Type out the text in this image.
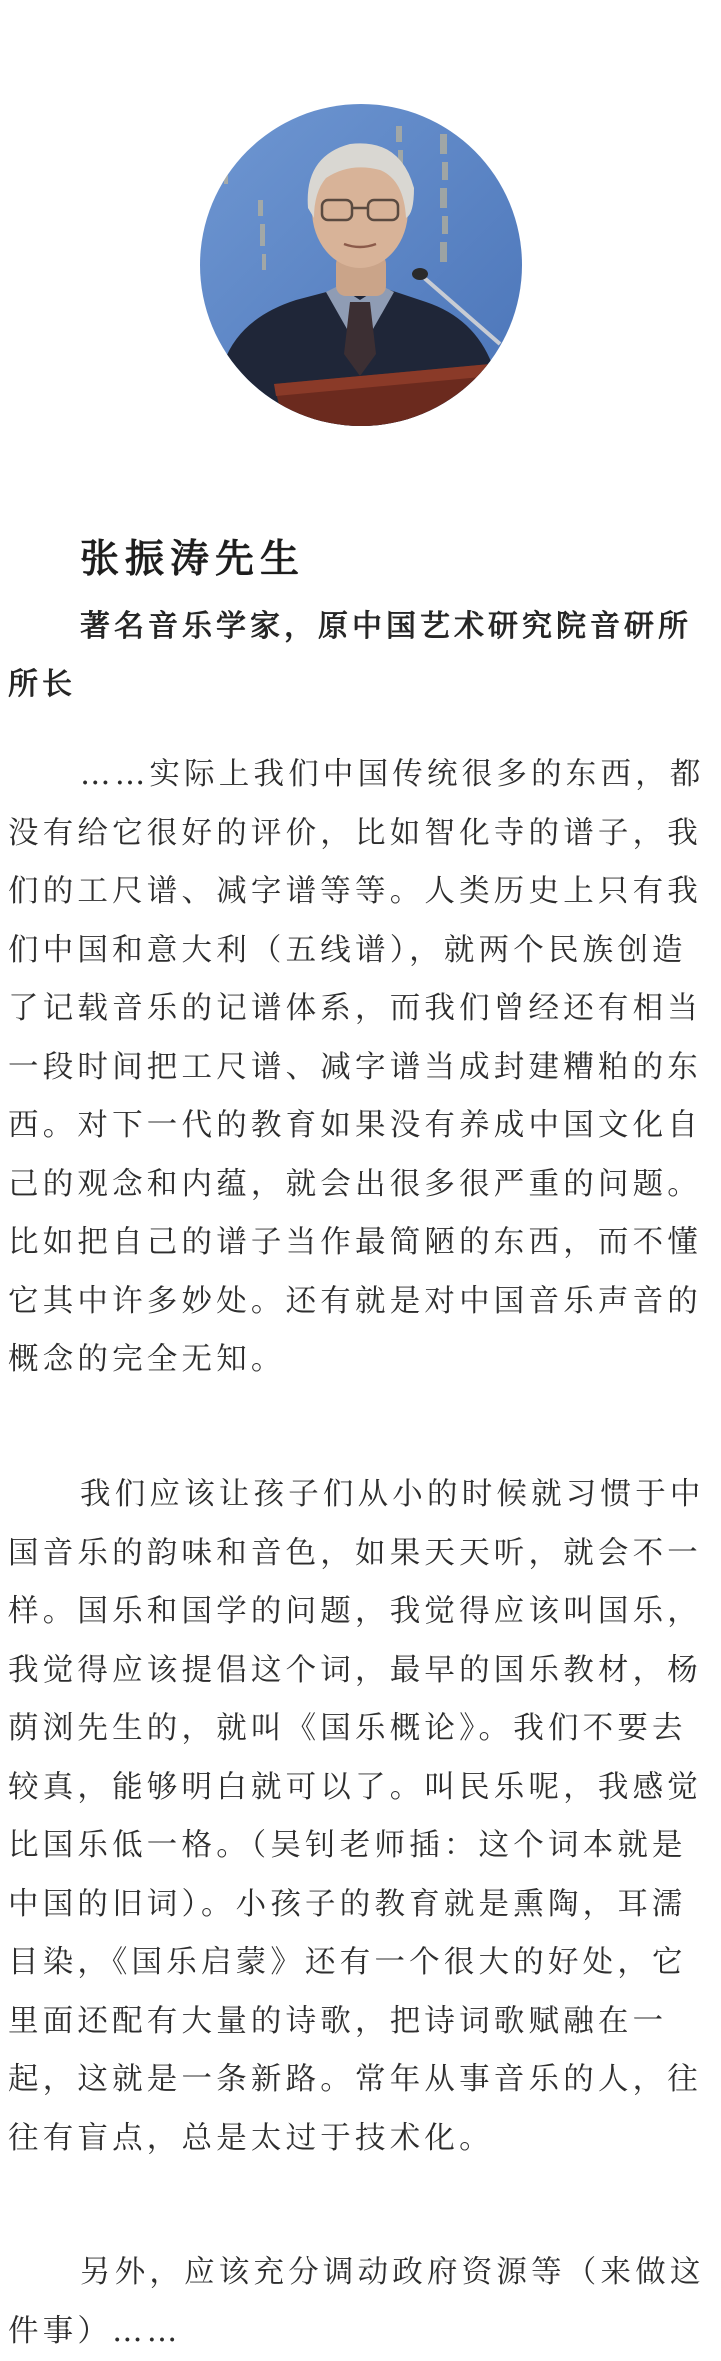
张振涛先生

著名音乐学家，原中国艺术研究院音研所所长

……实际上我们中国传统很多的东西，都没有给它很好的评价，比如智化寺的谱子，我们的工尺谱、减字谱等等。人类历史上只有我们中国和意大利（五线谱），就两个民族创造了记载音乐的记谱体系，而我们曾经还有相当一段时间把工尺谱、减字谱当成封建糟粕的东西。对下一代的教育如果没有养成中国文化自己的观念和内蕴，就会出很多很严重的问题。比如把自己的谱子当作最简陋的东西，而不懂它其中许多妙处。还有就是对中国音乐声音的概念的完全无知。

我们应该让孩子们从小的时候就习惯于中国音乐的韵味和音色，如果天天听，就会不一样。国乐和国学的问题，我觉得应该叫国乐，我觉得应该提倡这个词，最早的国乐教材，杨荫浏先生的，就叫《国乐概论》。我们不要去较真，能够明白就可以了。叫民乐呢，我感觉比国乐低一格。（吴钊老师插：这个词本就是中国的旧词）。小孩子的教育就是熏陶，耳濡目染，《国乐启蒙》还有一个很大的好处，它里面还配有大量的诗歌，把诗词歌赋融在一起，这就是一条新路。常年从事音乐的人，往往有盲点，总是太过于技术化。

另外，应该充分调动政府资源等（来做这件事）……
